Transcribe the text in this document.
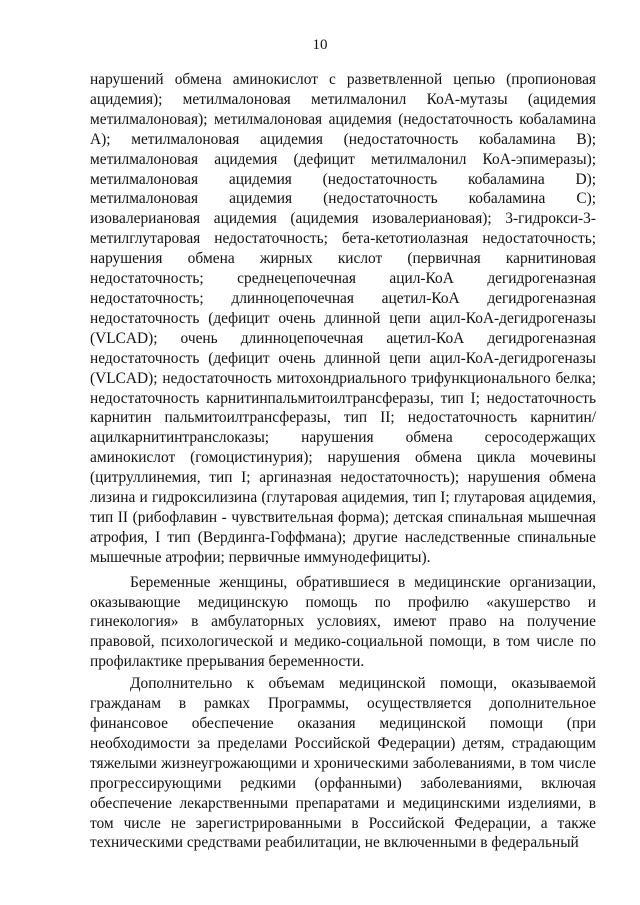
10

нарушений обмена аминокислот с разветвленной цепью (пропионовая ацидемия); метилмалоновая метилмалонил КоА-мутазы (ацидемия метилмалоновая); метилмалоновая ацидемия (недостаточность кобаламина А); метилмалоновая ацидемия (недостаточность кобаламина В); метилмалоновая ацидемия (дефицит метилмалонил КоА-эпимеразы); метилмалоновая ацидемия (недостаточность кобаламина D); метилмалоновая ацидемия (недостаточность кобаламина С); изовалериановая ацидемия (ацидемия изовалериановая); 3-гидрокси-3-метилглутаровая недостаточность; бета-кетотиолазная недостаточность; нарушения обмена жирных кислот (первичная карнитиновая недостаточность; среднецепочечная ацил-КоА дегидрогеназная недостаточность; длинноцепочечная ацетил-КоА дегидрогеназная недостаточность (дефицит очень длинной цепи ацил-КоА-дегидрогеназы (VLCAD); очень длинноцепочечная ацетил-КоА дегидрогеназная недостаточность (дефицит очень длинной цепи ацил-КоА-дегидрогеназы (VLCAD); недостаточность митохондриального трифункционального белка; недостаточность карнитинпальмитоилтрансферазы, тип I; недостаточность карнитин пальмитоилтрансферазы, тип II; недостаточность карнитин/ацилкарнитинтранслоказы; нарушения обмена серосодержащих аминокислот (гомоцистинурия); нарушения обмена цикла мочевины (цитруллинемия, тип I; аргиназная недостаточность); нарушения обмена лизина и гидроксилизина (глутаровая ацидемия, тип I; глутаровая ацидемия, тип II (рибофлавин - чувствительная форма); детская спинальная мышечная атрофия, I тип (Вердинга-Гоффмана); другие наследственные спинальные мышечные атрофии; первичные иммунодефициты).

Беременные женщины, обратившиеся в медицинские организации, оказывающие медицинскую помощь по профилю «акушерство и гинекология» в амбулаторных условиях, имеют право на получение правовой, психологической и медико-социальной помощи, в том числе по профилактике прерывания беременности.

Дополнительно к объемам медицинской помощи, оказываемой гражданам в рамках Программы, осуществляется дополнительное финансовое обеспечение оказания медицинской помощи (при необходимости за пределами Российской Федерации) детям, страдающим тяжелыми жизнеугрожающими и хроническими заболеваниями, в том числе прогрессирующими редкими (орфанными) заболеваниями, включая обеспечение лекарственными препаратами и медицинскими изделиями, в том числе не зарегистрированными в Российской Федерации, а также техническими средствами реабилитации, не включенными в федеральный
